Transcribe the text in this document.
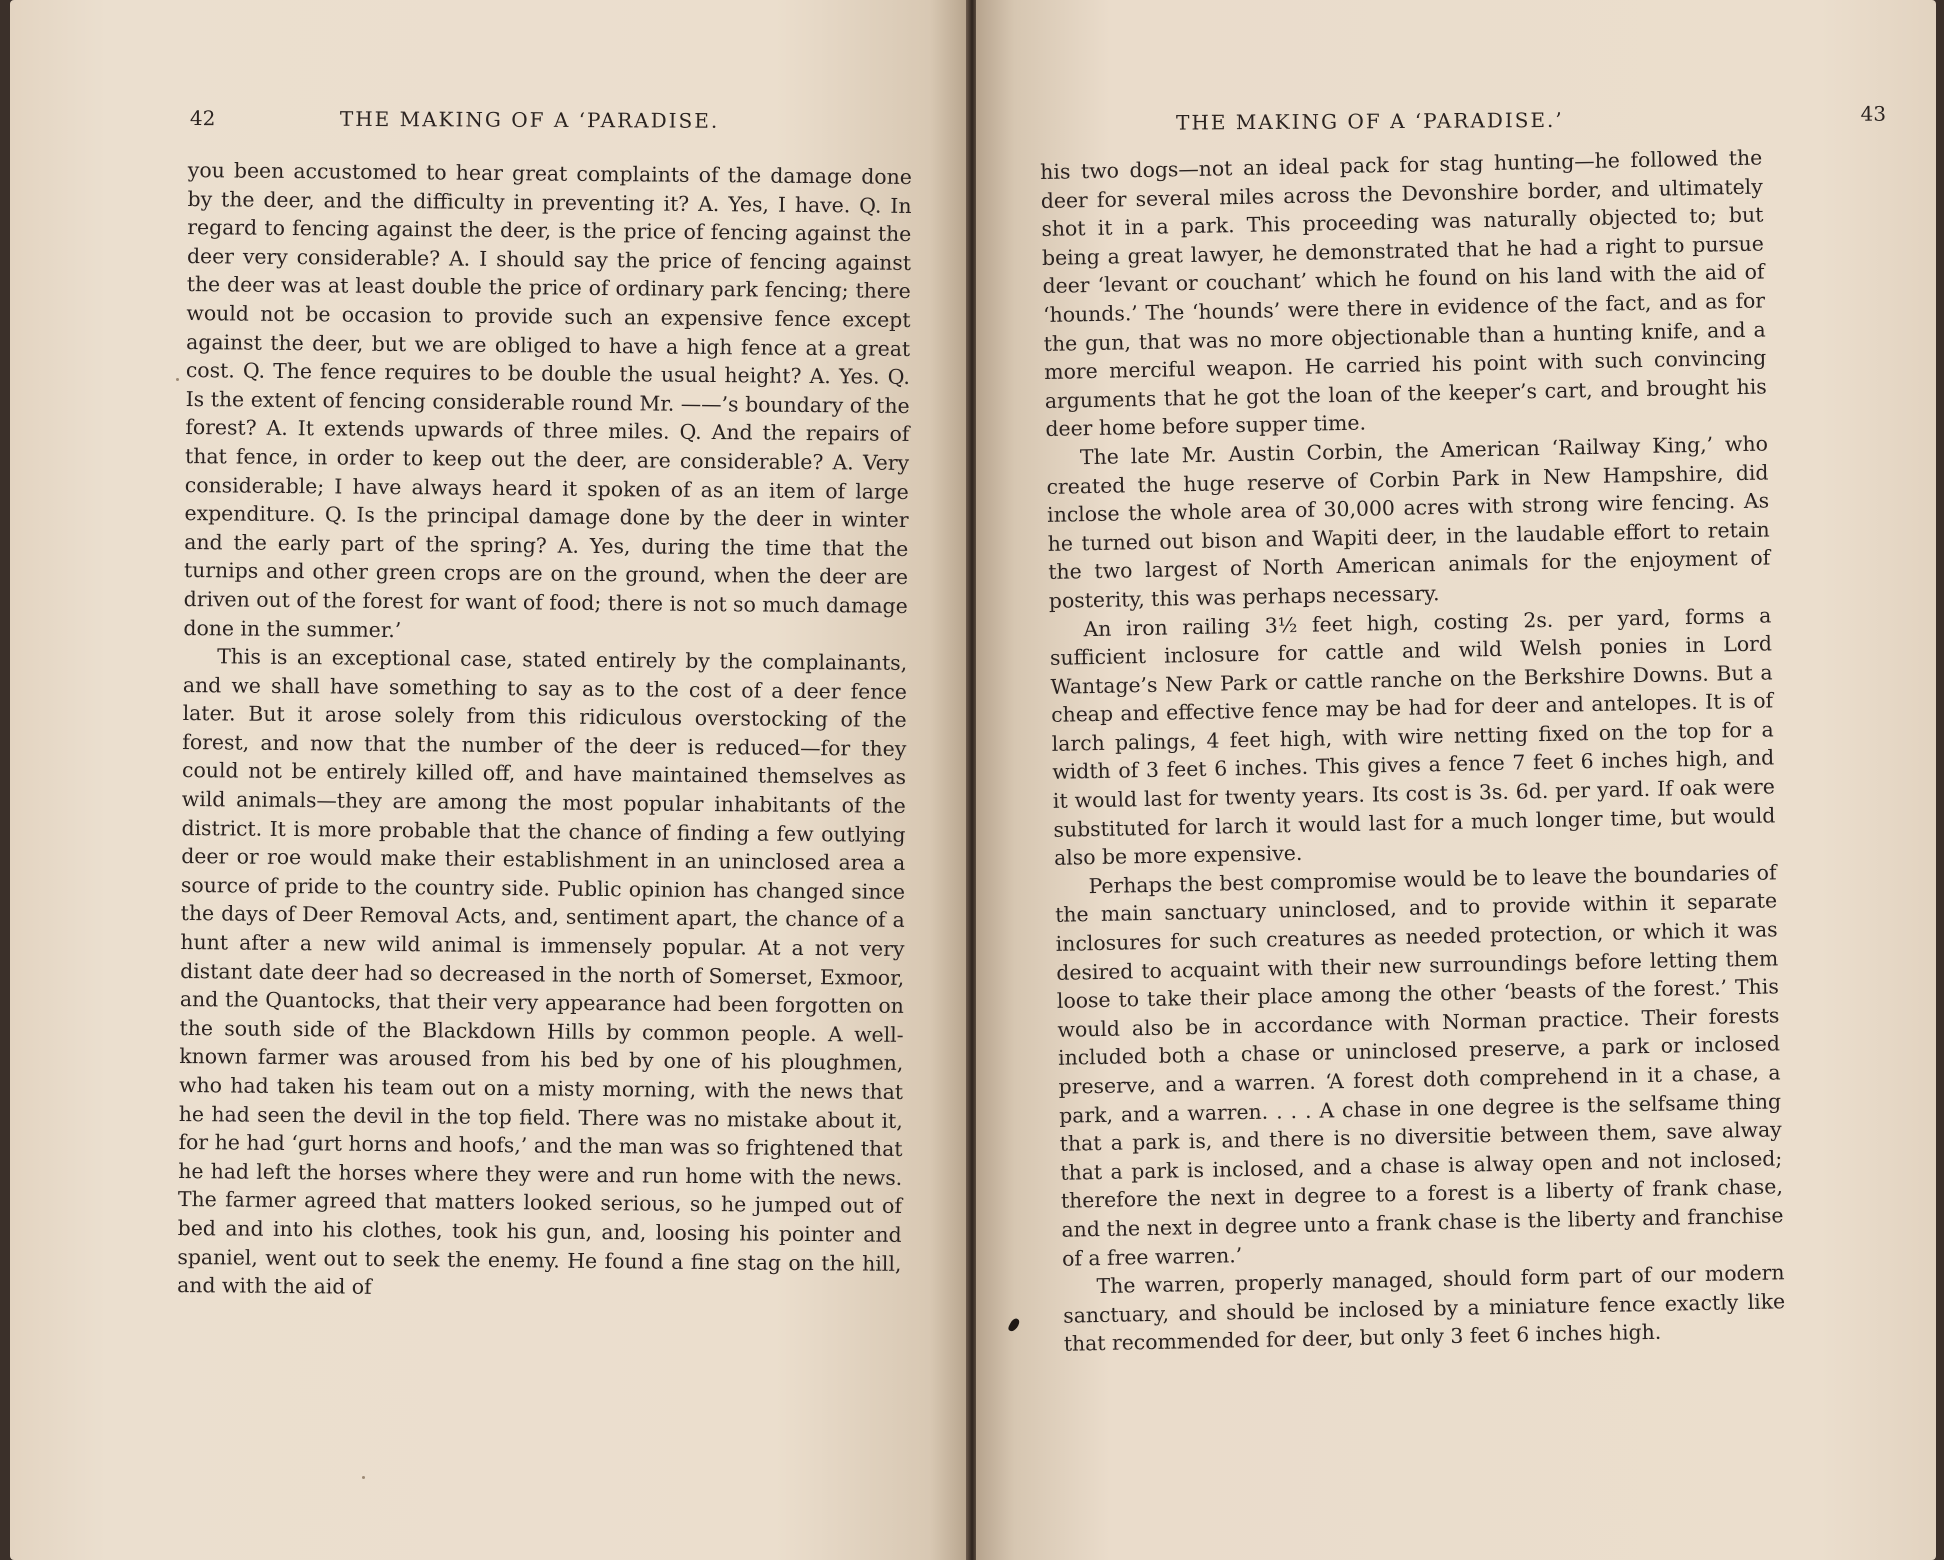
42	THE MAKING OF A ‘PARADISE.

you been accustomed to hear great complaints of the damage done by the deer, and the difficulty in preventing it? A. Yes, I have. Q. In regard to fencing against the deer, is the price of fencing against the deer very considerable? A. I should say the price of fencing against the deer was at least double the price of ordinary park fencing; there would not be occasion to provide such an expensive fence except against the deer, but we are obliged to have a high fence at a great cost. Q. The fence requires to be double the usual height? A. Yes. Q. Is the extent of fencing considerable round Mr. ——’s boundary of the forest? A. It extends upwards of three miles. Q. And the repairs of that fence, in order to keep out the deer, are considerable? A. Very considerable; I have always heard it spoken of as an item of large expenditure. Q. Is the principal damage done by the deer in winter and the early part of the spring? A. Yes, during the time that the turnips and other green crops are on the ground, when the deer are driven out of the forest for want of food; there is not so much damage done in the summer.’

This is an exceptional case, stated entirely by the complainants, and we shall have something to say as to the cost of a deer fence later. But it arose solely from this ridiculous overstocking of the forest, and now that the number of the deer is reduced—for they could not be entirely killed off, and have maintained themselves as wild animals—they are among the most popular inhabitants of the district. It is more probable that the chance of finding a few outlying deer or roe would make their establishment in an uninclosed area a source of pride to the country side. Public opinion has changed since the days of Deer Removal Acts, and, sentiment apart, the chance of a hunt after a new wild animal is immensely popular. At a not very distant date deer had so decreased in the north of Somerset, Exmoor, and the Quantocks, that their very appearance had been forgotten on the south side of the Blackdown Hills by common people. A well-known farmer was aroused from his bed by one of his ploughmen, who had taken his team out on a misty morning, with the news that he had seen the devil in the top field. There was no mistake about it, for he had ‘gurt horns and hoofs,’ and the man was so frightened that he had left the horses where they were and run home with the news. The farmer agreed that matters looked serious, so he jumped out of bed and into his clothes, took his gun, and, loosing his pointer and spaniel, went out to seek the enemy. He found a fine stag on the hill, and with the aid of

THE MAKING OF A ‘PARADISE.’	43

his two dogs—not an ideal pack for stag hunting—he followed the deer for several miles across the Devonshire border, and ultimately shot it in a park. This proceeding was naturally objected to; but being a great lawyer, he demonstrated that he had a right to pursue deer ‘levant or couchant’ which he found on his land with the aid of ‘hounds.’ The ‘hounds’ were there in evidence of the fact, and as for the gun, that was no more objectionable than a hunting knife, and a more merciful weapon. He carried his point with such convincing arguments that he got the loan of the keeper’s cart, and brought his deer home before supper time.

The late Mr. Austin Corbin, the American ‘Railway King,’ who created the huge reserve of Corbin Park in New Hampshire, did inclose the whole area of 30,000 acres with strong wire fencing. As he turned out bison and Wapiti deer, in the laudable effort to retain the two largest of North American animals for the enjoyment of posterity, this was perhaps necessary.

An iron railing 3½ feet high, costing 2s. per yard, forms a sufficient inclosure for cattle and wild Welsh ponies in Lord Wantage’s New Park or cattle ranche on the Berkshire Downs. But a cheap and effective fence may be had for deer and antelopes. It is of larch palings, 4 feet high, with wire netting fixed on the top for a width of 3 feet 6 inches. This gives a fence 7 feet 6 inches high, and it would last for twenty years. Its cost is 3s. 6d. per yard. If oak were substituted for larch it would last for a much longer time, but would also be more expensive.

Perhaps the best compromise would be to leave the boundaries of the main sanctuary uninclosed, and to provide within it separate inclosures for such creatures as needed protection, or which it was desired to acquaint with their new surroundings before letting them loose to take their place among the other ‘beasts of the forest.’ This would also be in accordance with Norman practice. Their forests included both a chase or uninclosed preserve, a park or inclosed preserve, and a warren. ‘A forest doth comprehend in it a chase, a park, and a warren. . . . A chase in one degree is the selfsame thing that a park is, and there is no diversitie between them, save alway that a park is inclosed, and a chase is alway open and not inclosed; therefore the next in degree to a forest is a liberty of frank chase, and the next in degree unto a frank chase is the liberty and franchise of a free warren.’

The warren, properly managed, should form part of our modern sanctuary, and should be inclosed by a miniature fence exactly like that recommended for deer, but only 3 feet 6 inches high.
